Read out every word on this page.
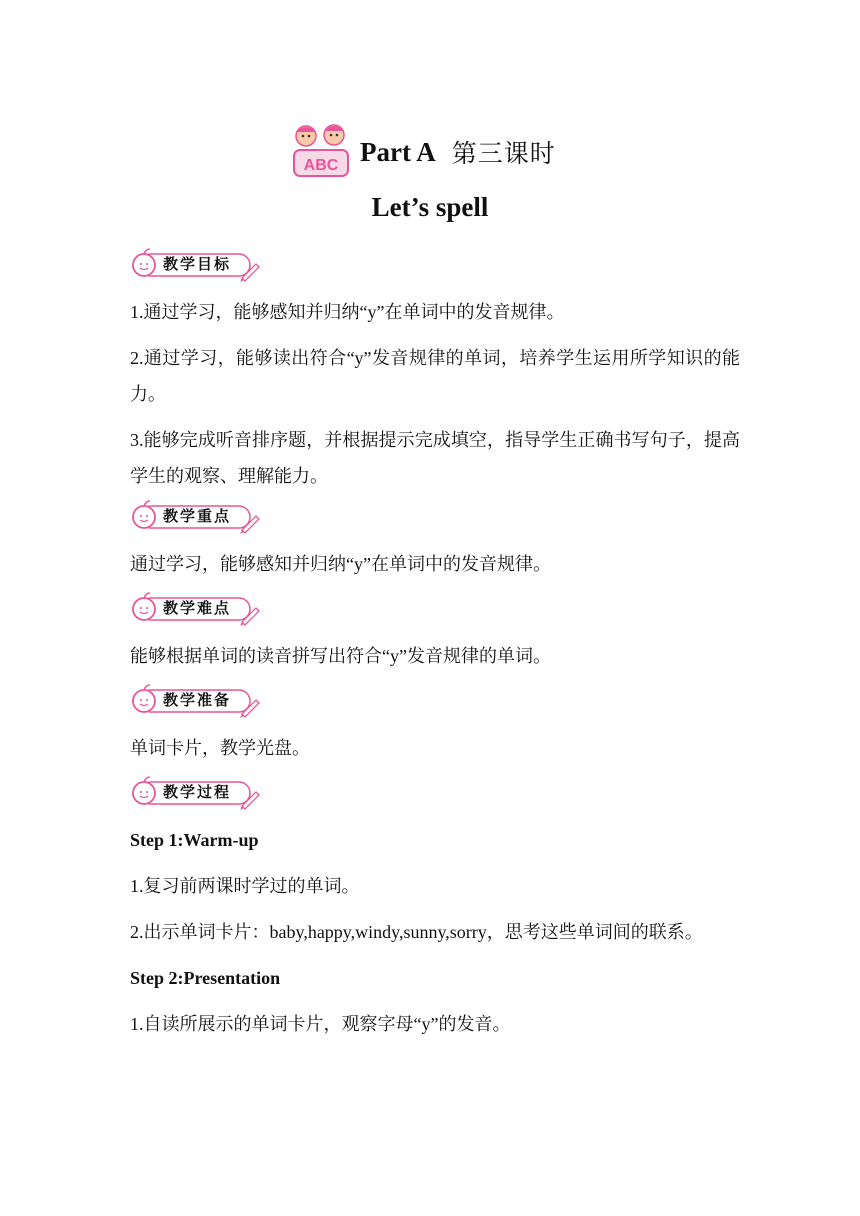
ABC Part A 第三课时
Let’s spell
教学目标

1.通过学习，能够感知并归纳“y”在单词中的发音规律。

2.通过学习，能够读出符合“y”发音规律的单词，培养学生运用所学知识的能力。

3.能够完成听音排序题，并根据提示完成填空，指导学生正确书写句子，提高学生的观察、理解能力。

教学重点

通过学习，能够感知并归纳“y”在单词中的发音规律。

教学难点

能够根据单词的读音拼写出符合“y”发音规律的单词。

教学准备

单词卡片，教学光盘。

教学过程

Step 1:Warm-up

1.复习前两课时学过的单词。

2.出示单词卡片：baby,happy,windy,sunny,sorry，思考这些单词间的联系。

Step 2:Presentation

1.自读所展示的单词卡片，观察字母“y”的发音。
